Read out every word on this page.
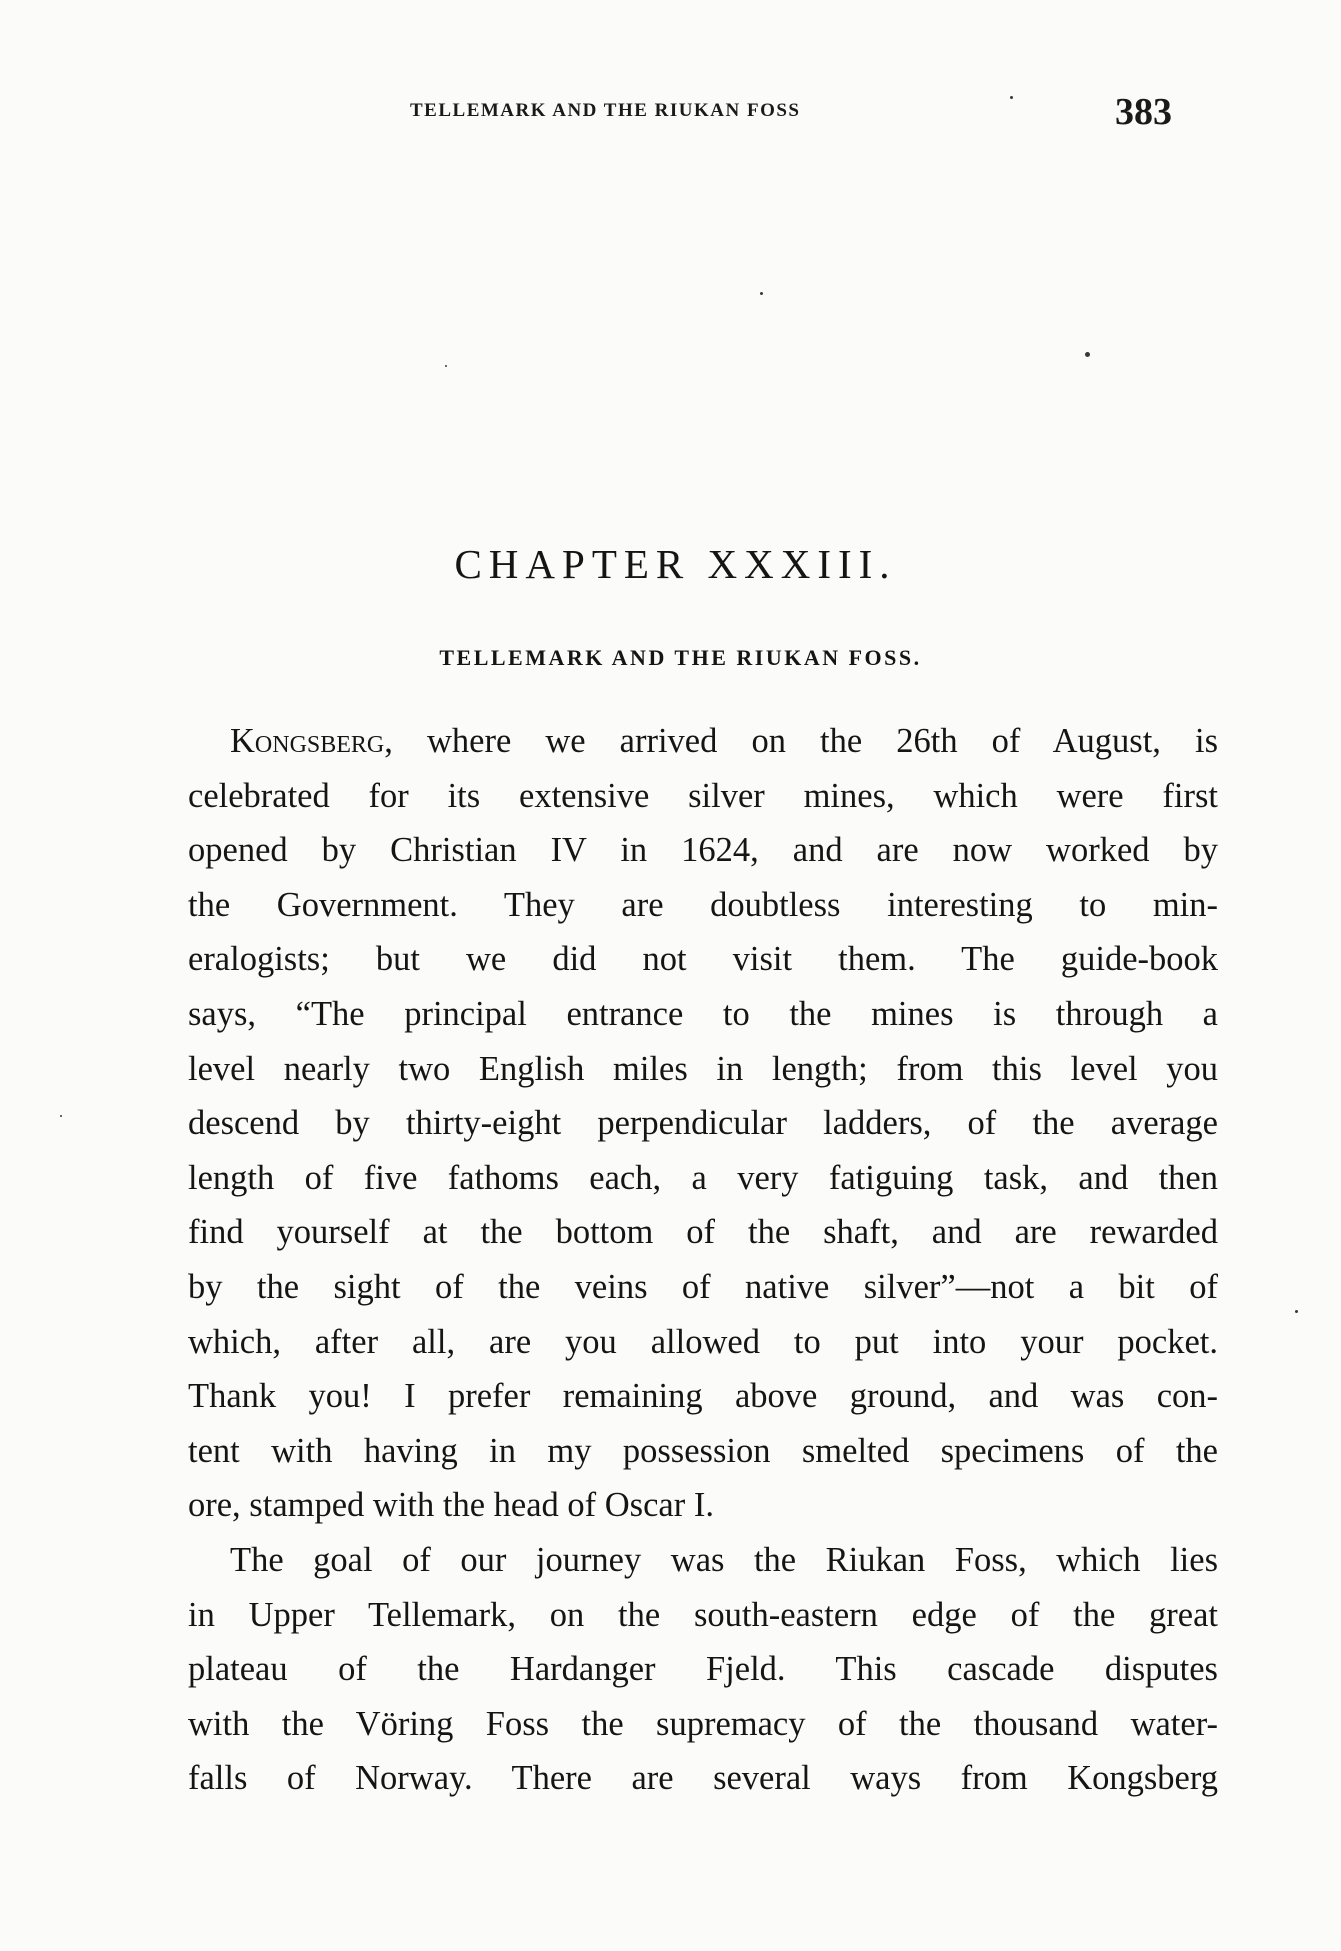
TELLEMARK AND THE RIUKAN FOSS	383
CHAPTER XXXIII.
TELLEMARK AND THE RIUKAN FOSS.
Kongsberg, where we arrived on the 26th of August, is
celebrated for its extensive silver mines, which were first
opened by Christian IV in 1624, and are now worked by
the Government. They are doubtless interesting to min-
eralogists; but we did not visit them. The guide-book
says, “The principal entrance to the mines is through a
level nearly two English miles in length; from this level you
descend by thirty-eight perpendicular ladders, of the average
length of five fathoms each, a very fatiguing task, and then
find yourself at the bottom of the shaft, and are rewarded
by the sight of the veins of native silver”—not a bit of
which, after all, are you allowed to put into your pocket.
Thank you! I prefer remaining above ground, and was con-
tent with having in my possession smelted specimens of the
ore, stamped with the head of Oscar I.
The goal of our journey was the Riukan Foss, which lies
in Upper Tellemark, on the south-eastern edge of the great
plateau of the Hardanger Fjeld. This cascade disputes
with the Vöring Foss the supremacy of the thousand water-
falls of Norway. There are several ways from Kongsberg
